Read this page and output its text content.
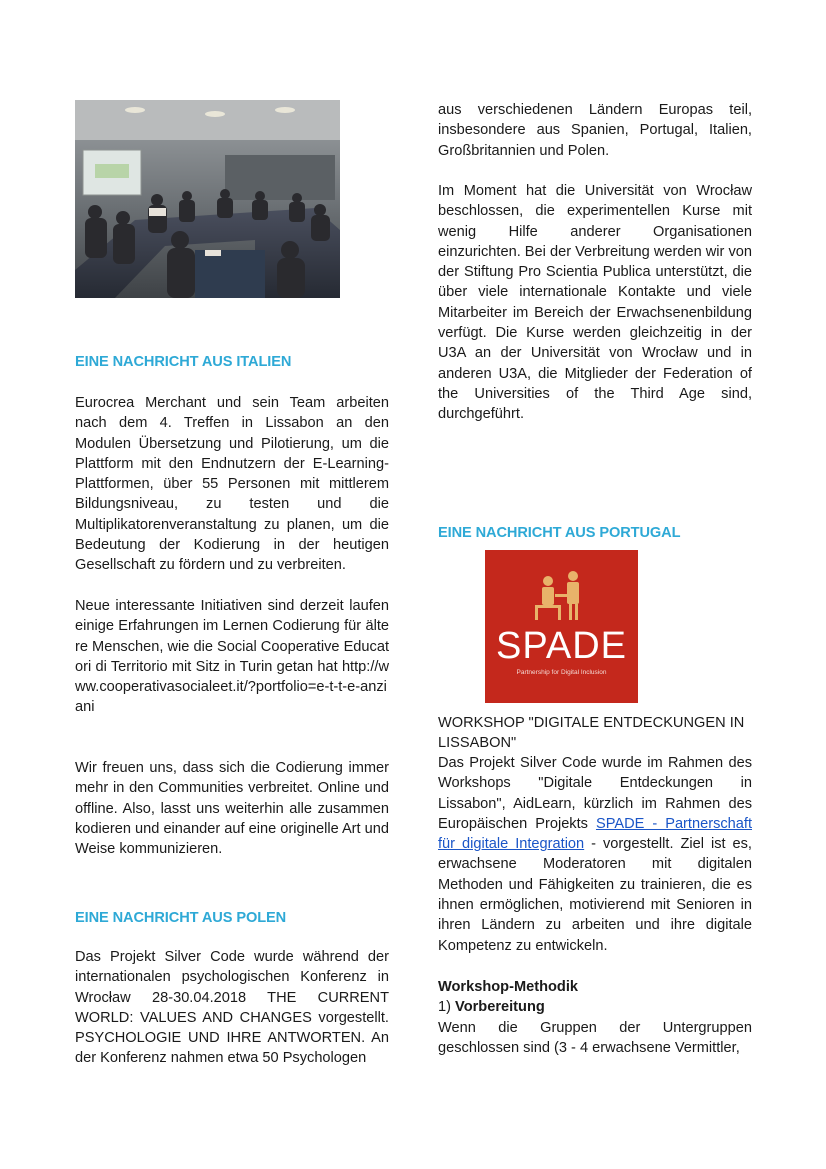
EINE NACHRICHT AUS ITALIEN

Eurocrea Merchant und sein Team arbeiten nach dem 4. Treffen in Lissabon an den Modulen Übersetzung und Pilotierung, um die Plattform mit den Endnutzern der E-Learning-Plattformen, über 55 Personen mit mittlerem Bildungsniveau, zu testen und die Multiplikatorenveranstaltung zu planen, um die Bedeutung der Kodierung in der heutigen Gesellschaft zu fördern und zu verbreiten.

Neue interessante Initiativen sind derzeit laufen einige Erfahrungen im Lernen Codierung für ältere Menschen, wie die Social Cooperative Educatori di Territorio mit Sitz in Turin getan hat http://www.cooperativasocialeet.it/?portfolio=e-t-t-e-anziani

Wir freuen uns, dass sich die Codierung immer mehr in den Communities verbreitet. Online und offline. Also, lasst uns weiterhin alle zusammen kodieren und einander auf eine originelle Art und Weise kommunizieren.

EINE NACHRICHT AUS POLEN

Das Projekt Silver Code wurde während der internationalen psychologischen Konferenz in Wrocław 28-30.04.2018 THE CURRENT WORLD: VALUES AND CHANGES vorgestellt. PSYCHOLOGIE UND IHRE ANTWORTEN. An der Konferenz nahmen etwa 50 Psychologen

aus verschiedenen Ländern Europas teil, insbesondere aus Spanien, Portugal, Italien, Großbritannien und Polen.

Im Moment hat die Universität von Wrocław beschlossen, die experimentellen Kurse mit wenig Hilfe anderer Organisationen einzurichten. Bei der Verbreitung werden wir von der Stiftung Pro Scientia Publica unterstützt, die über viele internationale Kontakte und viele Mitarbeiter im Bereich der Erwachsenenbildung verfügt. Die Kurse werden gleichzeitig in der U3A an der Universität von Wrocław und in anderen U3A, die Mitglieder der Federation of the Universities of the Third Age sind, durchgeführt.

EINE NACHRICHT AUS PORTUGAL

SPADE
Partnership for Digital Inclusion

WORKSHOP "DIGITALE ENTDECKUNGEN IN LISSABON"

Das Projekt Silver Code wurde im Rahmen des Workshops "Digitale Entdeckungen in Lissabon", AidLearn, kürzlich im Rahmen des Europäischen Projekts SPADE - Partnerschaft für digitale Integration - vorgestellt. Ziel ist es, erwachsene Moderatoren mit digitalen Methoden und Fähigkeiten zu trainieren, die es ihnen ermöglichen, motivierend mit Senioren in ihren Ländern zu arbeiten und ihre digitale Kompetenz zu entwickeln.

Workshop-Methodik

1) Vorbereitung

Wenn die Gruppen der Untergruppen geschlossen sind (3 - 4 erwachsene Vermittler,
